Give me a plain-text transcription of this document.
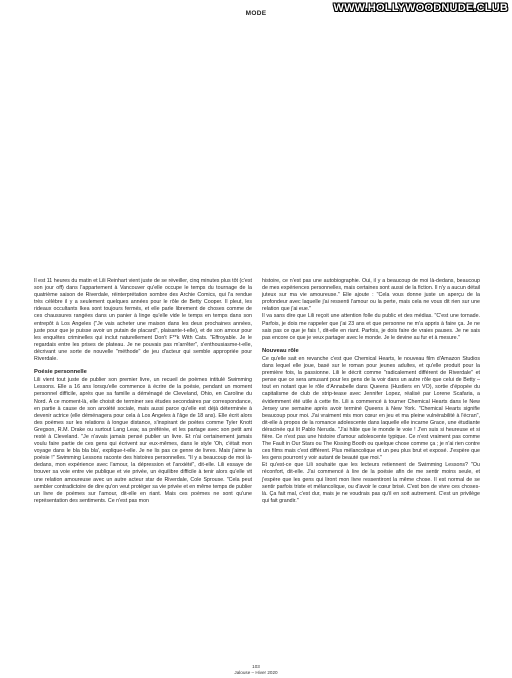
MODE	WWW.HOLLYWOODNUDE.CLUB

Il est 11 heures du matin et Lili Reinhart vient juste de se réveiller, cinq minutes plus tôt (c'est son jour off) dans l'appartement à Vancouver qu'elle occupe le temps du tournage de la quatrième saison de Riverdale, réinterprétation sombre des Archie Comics, qui l'a rendue très célèbre il y a seulement quelques années pour le rôle de Betty Cooper. Il pleut, les rideaux occultants Ikea sont toujours fermés, et elle parle librement de choses comme de ces chaussures rangées dans un panier à linge qu'elle vide le temps en temps dans son entrepôt à Los Angeles ("Je vais acheter une maison dans les deux prochaines années, juste pour que je puisse avoir un putain de placard", plaisante-t-elle), et de son amour pour les enquêtes criminelles qui inclut naturellement Don't F**k With Cats. "Effroyable. Je le regardais entre les prises de plateau. Je ne pouvais pas m'arrêter", s'enthousiasme-t-elle, décrivant une sorte de nouvelle "méthode" de jeu d'acteur qui semble appropriée pour Riverdale.

Poésie personnelle

Lili vient tout juste de publier son premier livre, un recueil de poèmes intitulé Swimming Lessons. Elle a 16 ans lorsqu'elle commence à écrire de la poésie, pendant un moment personnel difficile, après que sa famille a déménagé de Cleveland, Ohio, en Caroline du Nord. À ce moment-là, elle choisit de terminer ses études secondaires par correspondance, en partie à cause de son anxiété sociale, mais aussi parce qu'elle est déjà déterminée à devenir actrice (elle déménagera pour cela à Los Angeles à l'âge de 18 ans). Elle écrit alors des poèmes sur les relations à longue distance, s'inspirant de poètes comme Tyler Knott Gregson, R.M. Drake ou surtout Lang Leav, sa préférée, et les partage avec son petit ami resté à Cleveland. "Je n'avais jamais pensé publier un livre. Et n'ai certainement jamais voulu faire partie de ces gens qui écrivent sur eux-mêmes, dans le style 'Oh, c'était mon voyage dans le bla bla bla', explique-t-elle. Je ne lis pas ce genre de livres. Mais j'aime la poésie !" Swimming Lessons raconte des histoires personnelles. "Il y a beaucoup de moi là-dedans, mon expérience avec l'amour, la dépression et l'anxiété", dit-elle. Lili essaye de trouver sa voie entre vie publique et vie privée, un équilibre difficile à tenir alors qu'elle vit une relation amoureuse avec un autre acteur star de Riverdale, Cole Sprouse. "Cela peut sembler contradictoire de dire qu'on veut protéger sa vie privée et en même temps de publier un livre de poèmes sur l'amour, dit-elle en riant. Mais ces poèmes ne sont qu'une représentation des sentiments. Ce n'est pas mon

histoire, ce n'est pas une autobiographie. Oui, il y a beaucoup de moi là-dedans, beaucoup de mes expériences personnelles, mais certaines sont aussi de la fiction. Il n'y a aucun détail juteux sur ma vie amoureuse." Elle ajoute : "Cela vous donne juste un aperçu de la profondeur avec laquelle j'ai ressenti l'amour ou la perte, mais cela ne vous dit rien sur une relation que j'ai eue."

Il va sans dire que Lili reçoit une attention folle du public et des médias. "C'est une tornade. Parfois, je dois me rappeler que j'ai 23 ans et que personne ne m'a appris à faire ça. Je ne sais pas ce que je fais !, dit-elle en riant. Parfois, je dois faire de vraies pauses. Je ne sais pas encore ce que je veux partager avec le monde. Je le devine au fur et à mesure."

Nouveau rôle

Ce qu'elle sait en revanche c'est que Chemical Hearts, le nouveau film d'Amazon Studios dans lequel elle joue, basé sur le roman pour jeunes adultes, et qu'elle produit pour la première fois, la passionne. Lili le décrit comme "radicalement différent de Riverdale" et pense que ce sera amusant pour les gens de la voir dans un autre rôle que celui de Betty – tout en notant que le rôle d'Annabelle dans Queens (Hustlers en VO), sortie d'épopée du capitalisme de club de strip-tease avec Jennifer Lopez, réalisé par Lorene Scafaria, a évidemment été utile à cette fin. Lili a commencé à tourner Chemical Hearts dans le New Jersey une semaine après avoir terminé Queens à New York. "Chemical Hearts signifie beaucoup pour moi. J'ai vraiment mis mon cœur en jeu et ma pleine vulnérabilité à l'écran", dit-elle à propos de la romance adolescente dans laquelle elle incarne Grace, une étudiante déracinée qui lit Pablo Neruda. "J'ai hâte que le monde le voie ! J'en suis si heureuse et si fière. Ce n'est pas une histoire d'amour adolescente typique. Ce n'est vraiment pas comme The Fault in Our Stars ou The Kissing Booth ou quelque chose comme ça ; je n'ai rien contre ces films mais c'est différent. Plus mélancolique et un peu plus brut et exposé. J'espère que les gens pourront y voir autant de beauté que moi."

Et qu'est-ce que Lili souhaite que les lecteurs retiennent de Swimming Lessons? "Ou réconfort, dit-elle. J'ai commencé à lire de la poésie afin de me sentir moins seule, et j'espère que les gens qui liront mon livre ressentiront la même chose. Il est normal de se sentir parfois triste et mélancolique, ou d'avoir le cœur brisé. C'est bon de vivre ces choses-là. Ça fait mal, c'est dur, mais je ne voudrais pas qu'il en soit autrement. C'est un privilège qui fait grandir."

103
Jalouse – Hiver 2020
